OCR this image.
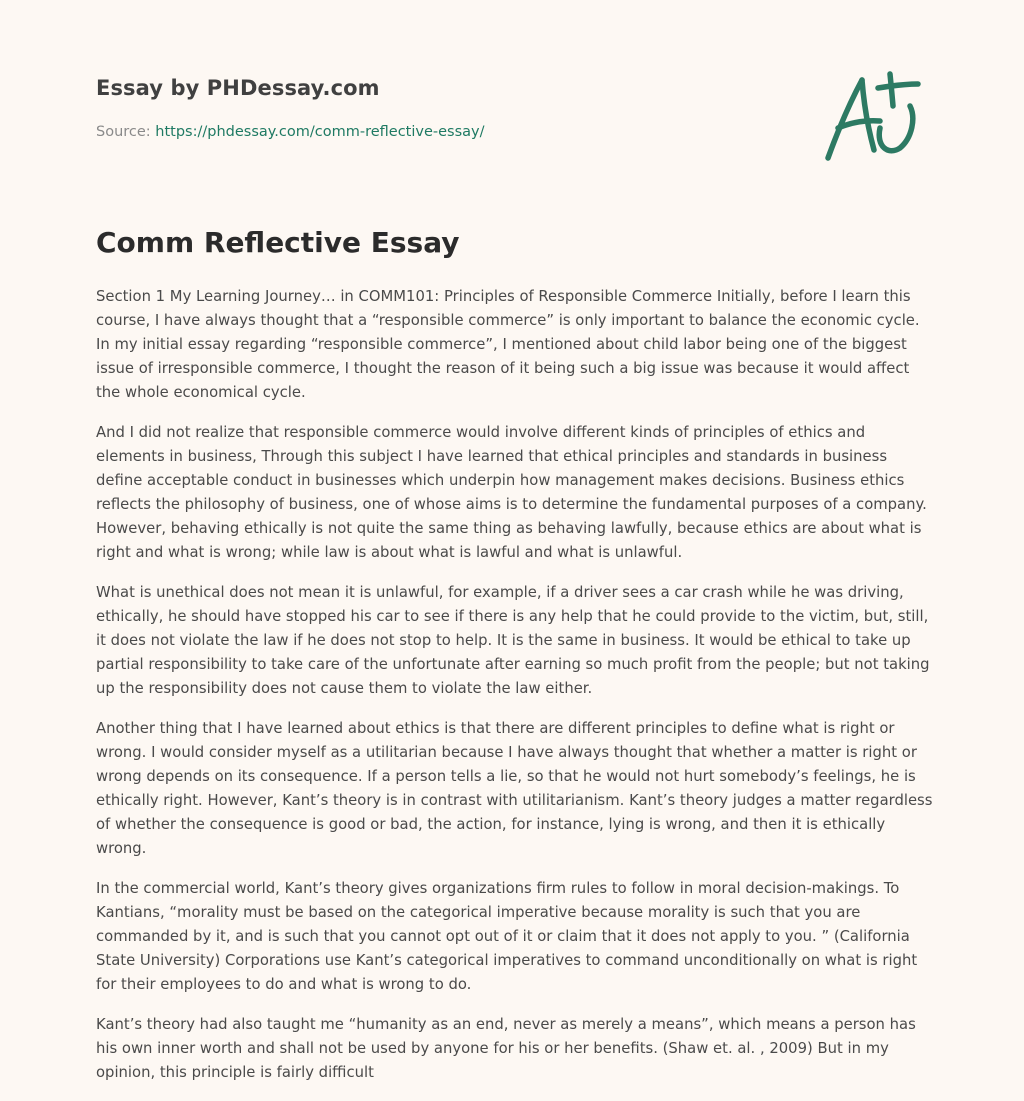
Essay by PHDessay.com
Source: https://phdessay.com/comm-reflective-essay/
Comm Reflective Essay

Section 1 My Learning Journey… in COMM101: Principles of Responsible Commerce Initially, before I learn this course, I have always thought that a “responsible commerce” is only important to balance the economic cycle. In my initial essay regarding “responsible commerce”, I mentioned about child labor being one of the biggest issue of irresponsible commerce, I thought the reason of it being such a big issue was because it would affect the whole economical cycle.

And I did not realize that responsible commerce would involve different kinds of principles of ethics and elements in business, Through this subject I have learned that ethical principles and standards in business define acceptable conduct in businesses which underpin how management makes decisions. Business ethics reflects the philosophy of business, one of whose aims is to determine the fundamental purposes of a company. However, behaving ethically is not quite the same thing as behaving lawfully, because ethics are about what is right and what is wrong; while law is about what is lawful and what is unlawful.

What is unethical does not mean it is unlawful, for example, if a driver sees a car crash while he was driving, ethically, he should have stopped his car to see if there is any help that he could provide to the victim, but, still, it does not violate the law if he does not stop to help. It is the same in business. It would be ethical to take up partial responsibility to take care of the unfortunate after earning so much profit from the people; but not taking up the responsibility does not cause them to violate the law either.

Another thing that I have learned about ethics is that there are different principles to define what is right or wrong. I would consider myself as a utilitarian because I have always thought that whether a matter is right or wrong depends on its consequence. If a person tells a lie, so that he would not hurt somebody’s feelings, he is ethically right. However, Kant’s theory is in contrast with utilitarianism. Kant’s theory judges a matter regardless of whether the consequence is good or bad, the action, for instance, lying is wrong, and then it is ethically wrong.

In the commercial world, Kant’s theory gives organizations firm rules to follow in moral decision-makings. To Kantians, “morality must be based on the categorical imperative because morality is such that you are commanded by it, and is such that you cannot opt out of it or claim that it does not apply to you. ” (California State University) Corporations use Kant’s categorical imperatives to command unconditionally on what is right for their employees to do and what is wrong to do.

Kant’s theory had also taught me “humanity as an end, never as merely a means”, which means a person has his own inner worth and shall not be used by anyone for his or her benefits. (Shaw et. al. , 2009) But in my opinion, this principle is fairly difficult
